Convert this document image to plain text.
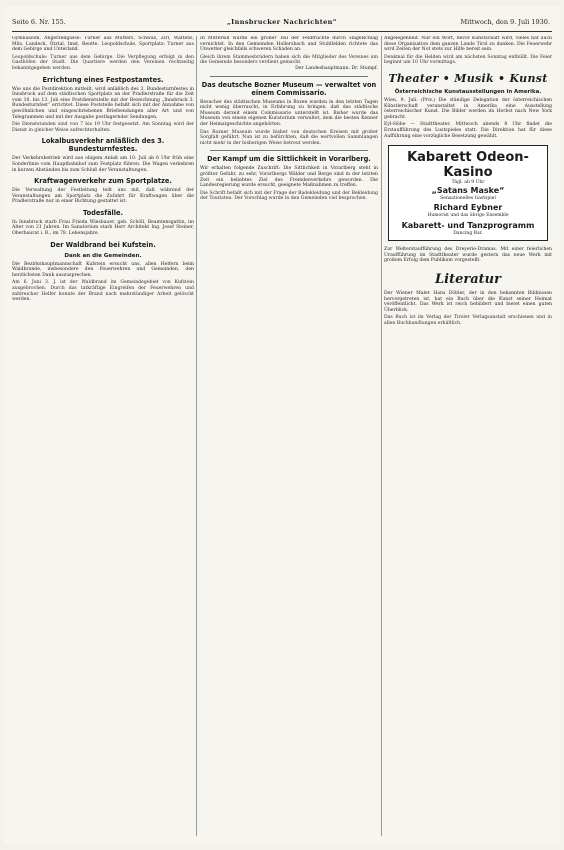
Seite 6. Nr. 155.	„Innsbrucker Nachrichten“	Mittwoch, den 9. Juli 1930.

Gymnasium, Angerzellgasse: Turner aus Mutters, Schwaz, Zirl, Wattens, Mils, Landeck, Ötztal, Imst, Reutte. Leopoldschule, Sportplatz: Turner aus dem Gebirge und Unterland.

Leopoldschule: Turner aus dem Gebirge. Die Verpflegung erfolgt in den Gasthöfen der Stadt. Die Quartiere werden den Vereinen rechtzeitig bekanntgegeben werden.
Errichtung eines Festpostamtes.

Wie uns die Postdirektion mitteilt, wird anläßlich des 3. Bundesturnfestes in Innsbruck auf dem städtischen Sportplatz an der Pradlerstraße für die Zeit vom 10. bis 13. Juli eine Postdienststelle mit der Bezeichnung „Innsbruck 3. Bundesturnfest“ errichtet. Diese Poststelle befaßt sich mit der Annahme von gewöhnlichen und eingeschriebenen Briefsendungen aller Art und von Telegrammen und mit der Ausgabe postlagernder Sendungen.

Die Dienststunden sind von 7 bis 19 Uhr festgesetzt. Am Sonntag wird der Dienst in gleicher Weise aufrechterhalten.
Lokalbusverkehr anläßlich des 3. Bundesturnfestes.

Der Verkehrsbetrieb wird aus obigem Anlaß am 10. Juli ab 6 Uhr früh eine Sonderlinie vom Hauptbahnhof zum Festplatz führen. Die Wagen verkehren in kurzen Abständen bis zum Schluß der Veranstaltungen.

Kraftwagenverkehr zum Sportplatze.

Die Verwaltung der Festleitung teilt uns mit, daß während der Veranstaltungen am Sportplatz die Zufahrt für Kraftwagen über die Pradlerstraße nur in einer Richtung gestattet ist.

Todesfälle.

In Innsbruck starb Frau Frieda Wiesbauer, geb. Schöll, Beamtensgattin, im Alter von 21 Jahren. Im Sanatorium starb Herr Architekt Ing. Josef Steiner, Oberbaurat i. R., im 78. Lebensjahre.

Der Waldbrand bei Kufstein.
Dank an die Gemeinden.

Die Bezirkshauptmannschaft Kufstein ersucht uns, allen Helfern beim Waldbrande, insbesondere den Feuerwehren und Gemeinden, den herzlichsten Dank auszusprechen.

Am 6. Juni 3. J. ist der Waldbrand im Gemeindegebiet von Kufstein ausgebrochen. Durch das tatkräftige Eingreifen der Feuerwehren und zahlreicher Helfer konnte der Brand nach mehrstündiger Arbeit gelöscht werden.

In Mittersill wurde ein großer Teil der Feldfrüchte durch Hagelschlag vernichtet. In den Gemeinden Hollersbach und Stuhlfelden richtete das Unwetter gleichfalls schweren Schaden an.

Gleich ihrem Stammesbrüdern haben sich die Mitglieder des Vereines um die Gemeinde besonders verdient gemacht.

Der Landeshauptmann: Dr. Stumpf.

Das deutsche Bozner Museum — verwaltet von einem Commissario.

Besucher des städtischen Museums in Bozen wurden in den letzten Tagen nicht wenig überrascht, in Erfahrung zu bringen, daß das städtische Museum derzeit einem Commissario unterstellt ist. Bisher wurde das Museum von einem eigenen Kuratorium verwaltet, dem die besten Kenner der Heimatgeschichte angehörten.

Das Bozner Museum wurde bisher von deutschen Kreisen mit großer Sorgfalt geführt. Nun ist zu befürchten, daß die wertvollen Sammlungen nicht mehr in der bisherigen Weise betreut werden.
Der Kampf um die Sittlichkeit in Vorarlberg.

Wir erhalten folgende Zuschrift: Die Sittlichkeit in Vorarlberg steht in größter Gefahr, zu sehr, Vorarlbergs Wälder und Berge sind in der letzten Zeit ein beliebtes Ziel des Fremdenverkehrs geworden. Die Landesregierung wurde ersucht, geeignete Maßnahmen zu treffen.

Die Schrift befaßt sich mit der Frage der Badekleidung und der Bekleidung der Touristen. Der Vorschlag wurde in den Gemeinden viel besprochen.

Angelegenheit. Nur ein Wort, bevor Kunstschaft wird, vieles hat auch diese Organisation dem ganzen Lande Tirol zu danken. Die Feuerwehr wird Zeiten der Not stets zur Hilfe bereit sein.

Denkmal für die Helden wird am nächsten Sonntag enthüllt. Die Feier beginnt um 10 Uhr vormittags.
Theater • Musik • Kunst
Österreichische Kunstausstellungen in Amerika.

Wien, 9. Juli. (Priv.) Die ständige Delegation der österreichischen Künstlerschaft veranstaltet in Amerika eine Ausstellung österreichischer Kunst. Die Bilder werden im Herbst nach New York gebracht.

Eyl-Höhe — Stadttheater. Mittwoch abends 8 Uhr findet die Erstaufführung des Lustspieles statt. Die Direktion hat für diese Aufführung eine vorzügliche Besetzung gewählt.

Kabarett Odeon-Kasino
Tägl. ab 9 Uhr
„Satans Maske“
Sensationelles Gastspiel
Richard Eybner
Humorist und das übrige Ensemble
Kabarett- und Tanzprogramm
Dancing Bar.

Zur Welterstaufführung des Dreyerie-Dramas. Mit einer feierlichen Uraufführung im Stadttheater wurde gestern das neue Werk mit großem Erfolg dem Publikum vorgestellt.

Literatur

Der Wiener Maler Hans Döbler, der in den bekannten Bildnissen hervorgetreten ist, hat ein Buch über die Kunst seiner Heimat veröffentlicht. Das Werk ist reich bebildert und bietet einen guten Überblick.

Das Buch ist im Verlag der Tiroler Verlagsanstalt erschienen und in allen Buchhandlungen erhältlich.
